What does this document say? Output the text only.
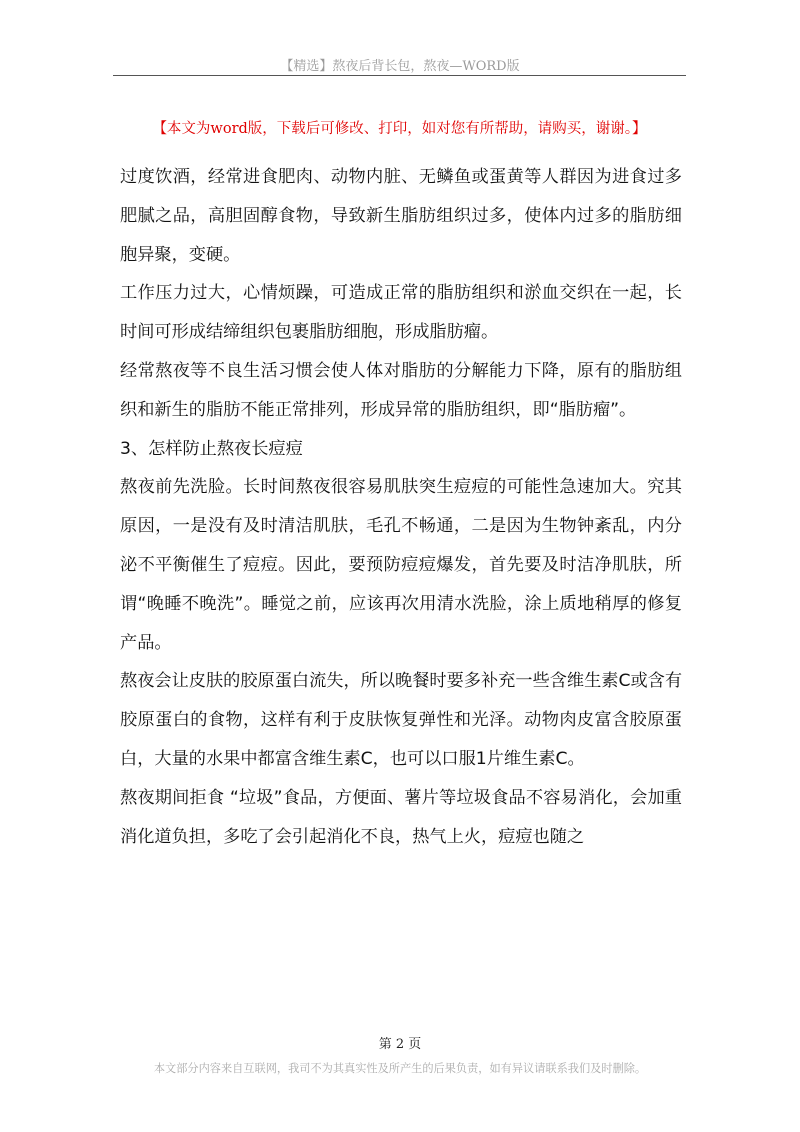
【精选】熬夜后背长包，熬夜—WORD版
【本文为word版，下载后可修改、打印，如对您有所帮助，请购买，谢谢。】

过度饮酒，经常进食肥肉、动物内脏、无鳞鱼或蛋黄等人群因为进食过多肥腻之品，高胆固醇食物，导致新生脂肪组织过多，使体内过多的脂肪细胞异聚，变硬。

工作压力过大，心情烦躁，可造成正常的脂肪组织和淤血交织在一起，长时间可形成结缔组织包裹脂肪细胞，形成脂肪瘤。

经常熬夜等不良生活习惯会使人体对脂肪的分解能力下降，原有的脂肪组织和新生的脂肪不能正常排列，形成异常的脂肪组织，即“脂肪瘤”。

3、怎样防止熬夜长痘痘

熬夜前先洗脸。长时间熬夜很容易肌肤突生痘痘的可能性急速加大。究其原因，一是没有及时清洁肌肤，毛孔不畅通，二是因为生物钟紊乱，内分泌不平衡催生了痘痘。因此，要预防痘痘爆发，首先要及时洁净肌肤，所谓“晚睡不晚洗”。睡觉之前，应该再次用清水洗脸，涂上质地稍厚的修复产品。

熬夜会让皮肤的胶原蛋白流失，所以晚餐时要多补充一些含维生素C或含有胶原蛋白的食物，这样有利于皮肤恢复弹性和光泽。动物肉皮富含胶原蛋白，大量的水果中都富含维生素C，也可以口服1片维生素C。

熬夜期间拒食 “垃圾”食品，方便面、薯片等垃圾食品不容易消化，会加重消化道负担，多吃了会引起消化不良，热气上火，痘痘也随之

第 2 页
本文部分内容来自互联网，我司不为其真实性及所产生的后果负责，如有异议请联系我们及时删除。
